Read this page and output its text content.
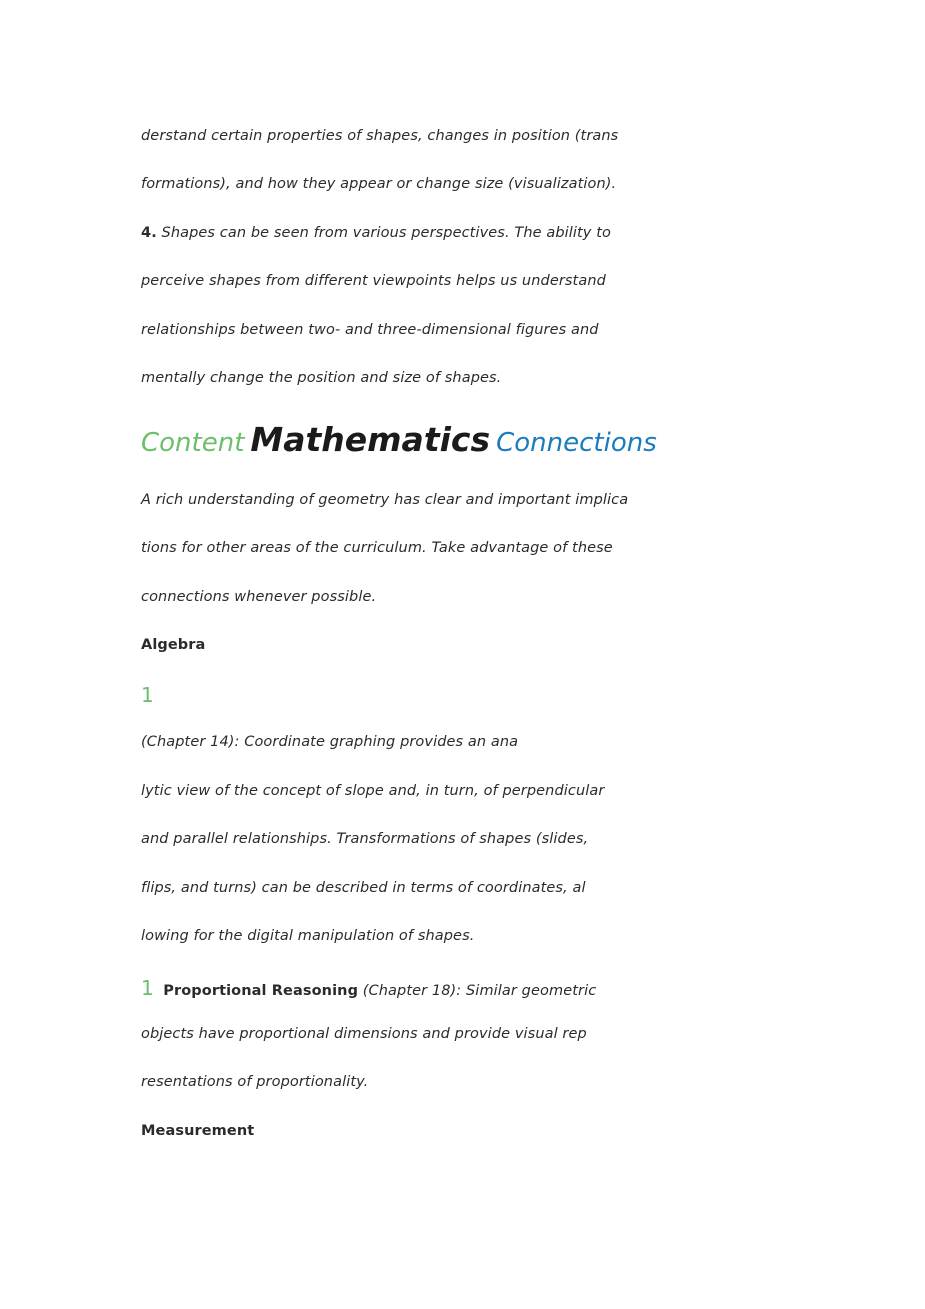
derstand certain properties of shapes, changes in position (trans
formations), and how they appear or change size (visualization).
4. Shapes can be seen from various perspectives. The ability to
perceive shapes from different viewpoints helps us understand
relationships between two- and three-dimensional figures and
mentally change the position and size of shapes.
Content Mathematics Connections
A rich understanding of geometry has clear and important implica
tions for other areas of the curriculum. Take advantage of these
connections whenever possible.
Algebra
1
(Chapter 14): Coordinate graphing provides an ana
lytic view of the concept of slope and, in turn, of perpendicular
and parallel relationships. Transformations of shapes (slides,
flips, and turns) can be described in terms of coordinates, al
lowing for the digital manipulation of shapes.
1 Proportional Reasoning (Chapter 18): Similar geometric
objects have proportional dimensions and provide visual rep
resentations of proportionality.
Measurement
